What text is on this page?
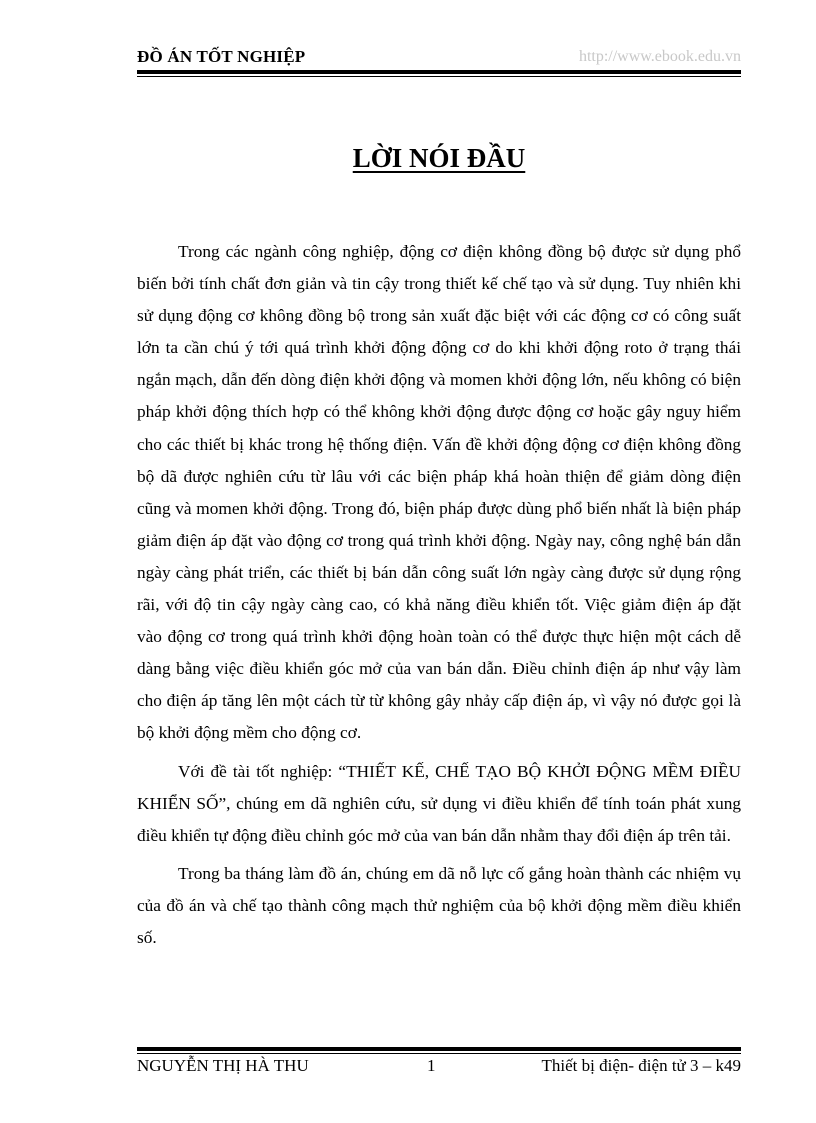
ĐỒ ÁN TỐT NGHIỆP	http://www.ebook.edu.vn
LỜI NÓI ĐẦU

Trong các ngành công nghiệp, động cơ điện không đồng bộ được sử dụng phổ biến bởi tính chất đơn giản và tin cậy trong thiết kế chế tạo và sử dụng. Tuy nhiên khi sử dụng động cơ không đồng bộ trong sản xuất đặc biệt với các động cơ có công suất lớn ta cần chú ý tới quá trình khởi động động cơ do khi khởi động roto ở trạng thái ngắn mạch, dẫn đến dòng điện khởi động và momen khởi động lớn, nếu không có biện pháp khởi động thích hợp có thể không khởi động được động cơ hoặc gây nguy hiểm cho các thiết bị khác trong hệ thống điện. Vấn đề khởi động động cơ điện không đồng bộ dã được nghiên cứu từ lâu với các biện pháp khá hoàn thiện để giảm dòng điện cũng và momen khởi động. Trong đó, biện pháp được dùng phổ biến nhất là biện pháp giảm điện áp đặt vào động cơ trong quá trình khởi động. Ngày nay, công nghệ bán dẫn ngày càng phát triển, các thiết bị bán dẫn công suất lớn ngày càng được sử dụng rộng rãi, với độ tin cậy ngày càng cao, có khả năng điều khiển tốt. Việc giảm điện áp đặt vào động cơ trong quá trình khởi động hoàn toàn có thể được thực hiện một cách dễ dàng bằng việc điều khiển góc mở của van bán dẫn. Điều chỉnh điện áp như vậy làm cho điện áp tăng lên một cách từ từ không gây nhảy cấp điện áp, vì vậy nó được gọi là bộ khởi động mềm cho động cơ.

Với đề tài tốt nghiệp: “THIẾT KẾ, CHẾ TẠO BỘ KHỞI ĐỘNG MỀM ĐIỀU KHIỂN SỐ”, chúng em dã nghiên cứu, sử dụng vi điều khiển để tính toán phát xung điều khiển tự động điều chỉnh góc mở của van bán dẫn nhằm thay đổi điện áp trên tải.

Trong ba tháng làm đồ án, chúng em dã nỗ lực cố gắng hoàn thành các nhiệm vụ của đồ án và chế tạo thành công mạch thử nghiệm của bộ khởi động mềm điều khiển số.

NGUYỄN THỊ HÀ THU	1	Thiết bị điện- điện tử 3 – k49
